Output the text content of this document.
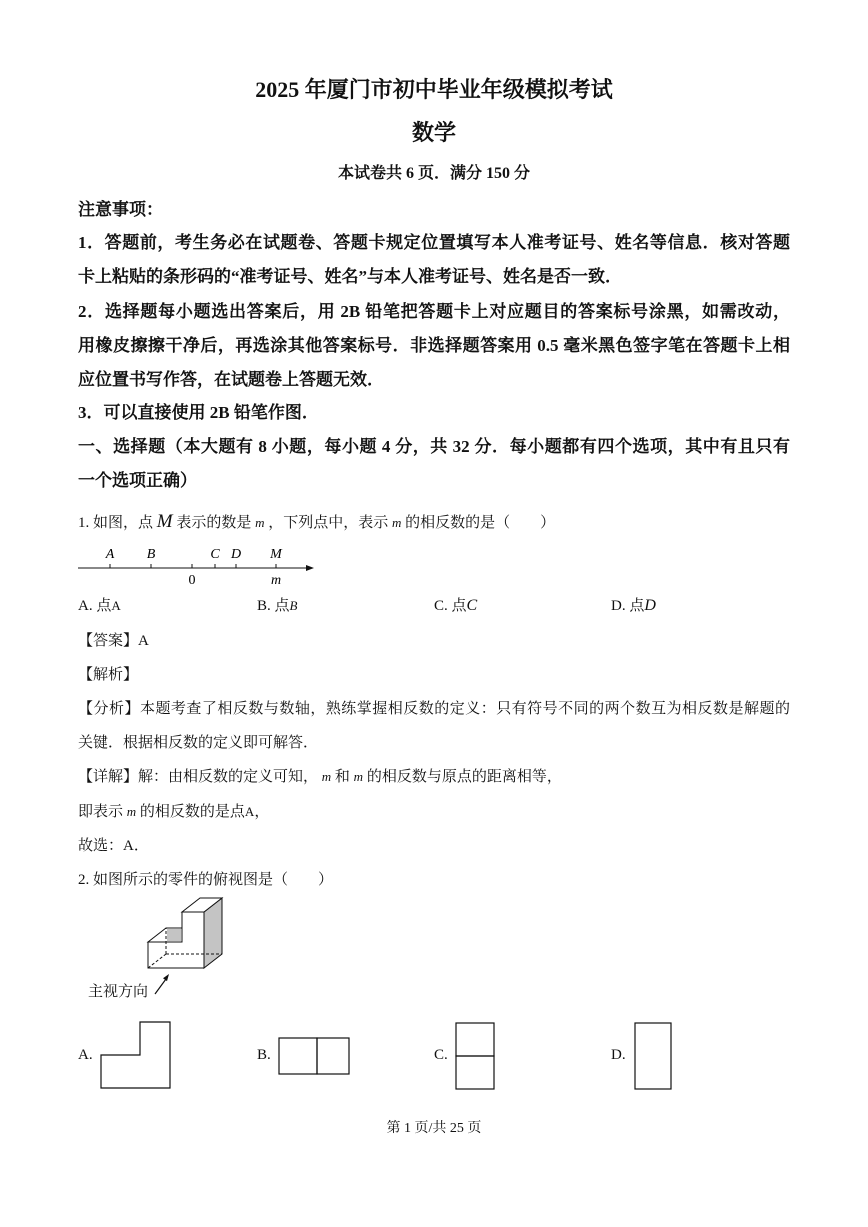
2025 年厦门市初中毕业年级模拟考试
数学
本试卷共 6 页．满分 150 分
注意事项：
1．答题前，考生务必在试题卷、答题卡规定位置填写本人准考证号、姓名等信息．核对答题
卡上粘贴的条形码的“准考证号、姓名”与本人准考证号、姓名是否一致．
2．选择题每小题选出答案后，用 2B 铅笔把答题卡上对应题目的答案标号涂黑，如需改动，
用橡皮擦擦干净后，再选涂其他答案标号．非选择题答案用 0.5 毫米黑色签字笔在答题卡上相
应位置书写作答，在试题卷上答题无效．
3．可以直接使用 2B 铅笔作图．
一、选择题（本大题有 8 小题，每小题 4 分，共 32 分．每小题都有四个选项，其中有且只有
一个选项正确）
1. 如图，点 M 表示的数是 m ，下列点中，表示 m 的相反数的是（　　）
A B	C D M
0	m
A. 点A	B. 点B	C. 点C	D. 点D
【答案】A
【解析】
【分析】本题考查了相反数与数轴，熟练掌握相反数的定义：只有符号不同的两个数互为相反数是解题的
关键．根据相反数的定义即可解答．
【详解】解：由相反数的定义可知， m 和 m 的相反数与原点的距离相等，
即表示 m 的相反数的是点A，
故选：A．
2. 如图所示的零件的俯视图是（　　）
主视方向
A.	B.	C.	D.
第 1 页/共 25 页
